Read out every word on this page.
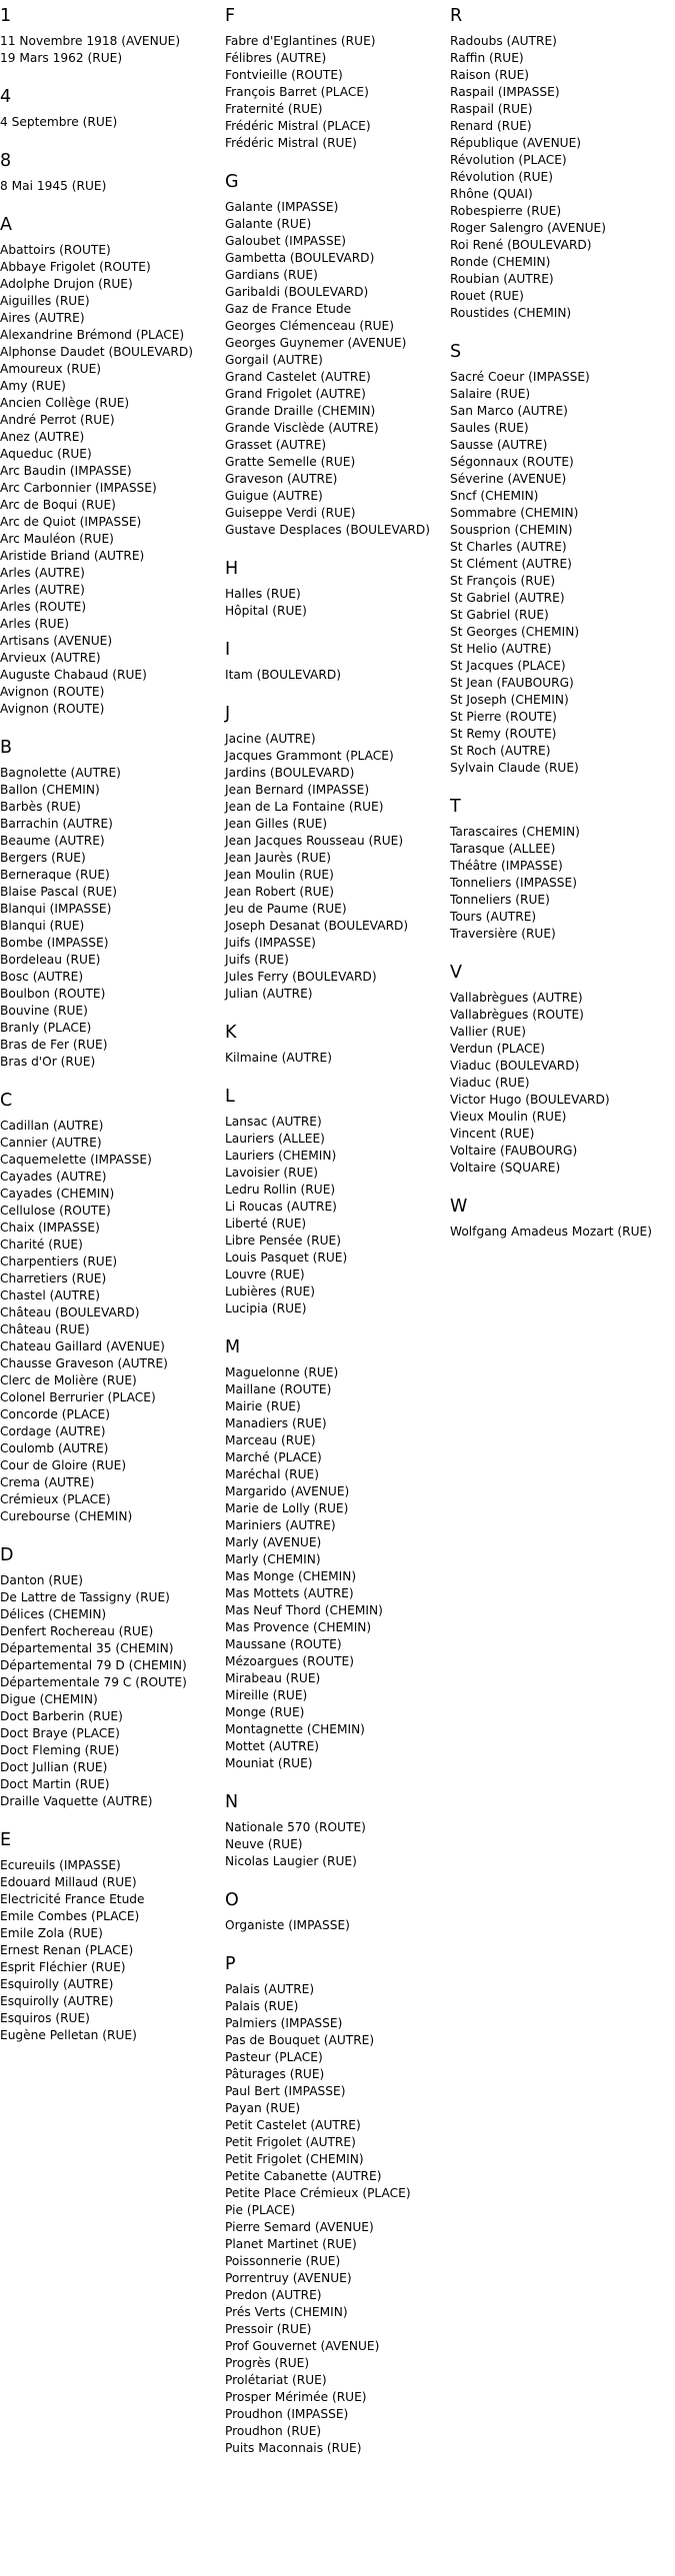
1
11 Novembre 1918 (AVENUE)
19 Mars 1962 (RUE)
4
4 Septembre (RUE)
8
8 Mai 1945 (RUE)
A
Abattoirs (ROUTE)
Abbaye Frigolet (ROUTE)
Adolphe Drujon (RUE)
Aiguilles (RUE)
Aires (AUTRE)
Alexandrine Brémond (PLACE)
Alphonse Daudet (BOULEVARD)
Amoureux (RUE)
Amy (RUE)
Ancien Collège (RUE)
André Perrot (RUE)
Anez (AUTRE)
Aqueduc (RUE)
Arc Baudin (IMPASSE)
Arc Carbonnier (IMPASSE)
Arc de Boqui (RUE)
Arc de Quiot (IMPASSE)
Arc Mauléon (RUE)
Aristide Briand (AUTRE)
Arles (AUTRE)
Arles (AUTRE)
Arles (ROUTE)
Arles (RUE)
Artisans (AVENUE)
Arvieux (AUTRE)
Auguste Chabaud (RUE)
Avignon (ROUTE)
Avignon (ROUTE)
B
Bagnolette (AUTRE)
Ballon (CHEMIN)
Barbès (RUE)
Barrachin (AUTRE)
Beaume (AUTRE)
Bergers (RUE)
Berneraque (RUE)
Blaise Pascal (RUE)
Blanqui (IMPASSE)
Blanqui (RUE)
Bombe (IMPASSE)
Bordeleau (RUE)
Bosc (AUTRE)
Boulbon (ROUTE)
Bouvine (RUE)
Branly (PLACE)
Bras de Fer (RUE)
Bras d'Or (RUE)
C
Cadillan (AUTRE)
Cannier (AUTRE)
Caquemelette (IMPASSE)
Cayades (AUTRE)
Cayades (CHEMIN)
Cellulose (ROUTE)
Chaix (IMPASSE)
Charité (RUE)
Charpentiers (RUE)
Charretiers (RUE)
Chastel (AUTRE)
Château (BOULEVARD)
Château (RUE)
Chateau Gaillard (AVENUE)
Chausse Graveson (AUTRE)
Clerc de Molière (RUE)
Colonel Berrurier (PLACE)
Concorde (PLACE)
Cordage (AUTRE)
Coulomb (AUTRE)
Cour de Gloire (RUE)
Crema (AUTRE)
Crémieux (PLACE)
Curebourse (CHEMIN)
D
Danton (RUE)
De Lattre de Tassigny (RUE)
Délices (CHEMIN)
Denfert Rochereau (RUE)
Départemental 35 (CHEMIN)
Départemental 79 D (CHEMIN)
Départementale 79 C (ROUTE)
Digue (CHEMIN)
Doct Barberin (RUE)
Doct Braye (PLACE)
Doct Fleming (RUE)
Doct Jullian (RUE)
Doct Martin (RUE)
Draille Vaquette (AUTRE)
E
Ecureuils (IMPASSE)
Edouard Millaud (RUE)
Electricité France Etude
Emile Combes (PLACE)
Emile Zola (RUE)
Ernest Renan (PLACE)
Esprit Fléchier (RUE)
Esquirolly (AUTRE)
Esquirolly (AUTRE)
Esquiros (RUE)
Eugène Pelletan (RUE)
F
Fabre d'Eglantines (RUE)
Félibres (AUTRE)
Fontvieille (ROUTE)
François Barret (PLACE)
Fraternité (RUE)
Frédéric Mistral (PLACE)
Frédéric Mistral (RUE)
G
Galante (IMPASSE)
Galante (RUE)
Galoubet (IMPASSE)
Gambetta (BOULEVARD)
Gardians (RUE)
Garibaldi (BOULEVARD)
Gaz de France Etude
Georges Clémenceau (RUE)
Georges Guynemer (AVENUE)
Gorgail (AUTRE)
Grand Castelet (AUTRE)
Grand Frigolet (AUTRE)
Grande Draille (CHEMIN)
Grande Visclède (AUTRE)
Grasset (AUTRE)
Gratte Semelle (RUE)
Graveson (AUTRE)
Guigue (AUTRE)
Guiseppe Verdi (RUE)
Gustave Desplaces (BOULEVARD)
H
Halles (RUE)
Hôpital (RUE)
I
Itam (BOULEVARD)
J
Jacine (AUTRE)
Jacques Grammont (PLACE)
Jardins (BOULEVARD)
Jean Bernard (IMPASSE)
Jean de La Fontaine (RUE)
Jean Gilles (RUE)
Jean Jacques Rousseau (RUE)
Jean Jaurès (RUE)
Jean Moulin (RUE)
Jean Robert (RUE)
Jeu de Paume (RUE)
Joseph Desanat (BOULEVARD)
Juifs (IMPASSE)
Juifs (RUE)
Jules Ferry (BOULEVARD)
Julian (AUTRE)
K
Kilmaine (AUTRE)
L
Lansac (AUTRE)
Lauriers (ALLEE)
Lauriers (CHEMIN)
Lavoisier (RUE)
Ledru Rollin (RUE)
Li Roucas (AUTRE)
Liberté (RUE)
Libre Pensée (RUE)
Louis Pasquet (RUE)
Louvre (RUE)
Lubières (RUE)
Lucipia (RUE)
M
Maguelonne (RUE)
Maillane (ROUTE)
Mairie (RUE)
Manadiers (RUE)
Marceau (RUE)
Marché (PLACE)
Maréchal (RUE)
Margarido (AVENUE)
Marie de Lolly (RUE)
Mariniers (AUTRE)
Marly (AVENUE)
Marly (CHEMIN)
Mas Monge (CHEMIN)
Mas Mottets (AUTRE)
Mas Neuf Thord (CHEMIN)
Mas Provence (CHEMIN)
Maussane (ROUTE)
Mézoargues (ROUTE)
Mirabeau (RUE)
Mireille (RUE)
Monge (RUE)
Montagnette (CHEMIN)
Mottet (AUTRE)
Mouniat (RUE)
N
Nationale 570 (ROUTE)
Neuve (RUE)
Nicolas Laugier (RUE)
O
Organiste (IMPASSE)
P
Palais (AUTRE)
Palais (RUE)
Palmiers (IMPASSE)
Pas de Bouquet (AUTRE)
Pasteur (PLACE)
Pâturages (RUE)
Paul Bert (IMPASSE)
Payan (RUE)
Petit Castelet (AUTRE)
Petit Frigolet (AUTRE)
Petit Frigolet (CHEMIN)
Petite Cabanette (AUTRE)
Petite Place Crémieux (PLACE)
Pie (PLACE)
Pierre Semard (AVENUE)
Planet Martinet (RUE)
Poissonnerie (RUE)
Porrentruy (AVENUE)
Predon (AUTRE)
Prés Verts (CHEMIN)
Pressoir (RUE)
Prof Gouvernet (AVENUE)
Progrès (RUE)
Prolétariat (RUE)
Prosper Mérimée (RUE)
Proudhon (IMPASSE)
Proudhon (RUE)
Puits Maconnais (RUE)
R
Radoubs (AUTRE)
Raffin (RUE)
Raison (RUE)
Raspail (IMPASSE)
Raspail (RUE)
Renard (RUE)
République (AVENUE)
Révolution (PLACE)
Révolution (RUE)
Rhône (QUAI)
Robespierre (RUE)
Roger Salengro (AVENUE)
Roi René (BOULEVARD)
Ronde (CHEMIN)
Roubian (AUTRE)
Rouet (RUE)
Roustides (CHEMIN)
S
Sacré Coeur (IMPASSE)
Salaire (RUE)
San Marco (AUTRE)
Saules (RUE)
Sausse (AUTRE)
Ségonnaux (ROUTE)
Séverine (AVENUE)
Sncf (CHEMIN)
Sommabre (CHEMIN)
Sousprion (CHEMIN)
St Charles (AUTRE)
St Clément (AUTRE)
St François (RUE)
St Gabriel (AUTRE)
St Gabriel (RUE)
St Georges (CHEMIN)
St Helio (AUTRE)
St Jacques (PLACE)
St Jean (FAUBOURG)
St Joseph (CHEMIN)
St Pierre (ROUTE)
St Remy (ROUTE)
St Roch (AUTRE)
Sylvain Claude (RUE)
T
Tarascaires (CHEMIN)
Tarasque (ALLEE)
Théâtre (IMPASSE)
Tonneliers (IMPASSE)
Tonneliers (RUE)
Tours (AUTRE)
Traversière (RUE)
V
Vallabrègues (AUTRE)
Vallabrègues (ROUTE)
Vallier (RUE)
Verdun (PLACE)
Viaduc (BOULEVARD)
Viaduc (RUE)
Victor Hugo (BOULEVARD)
Vieux Moulin (RUE)
Vincent (RUE)
Voltaire (FAUBOURG)
Voltaire (SQUARE)
W
Wolfgang Amadeus Mozart (RUE)
